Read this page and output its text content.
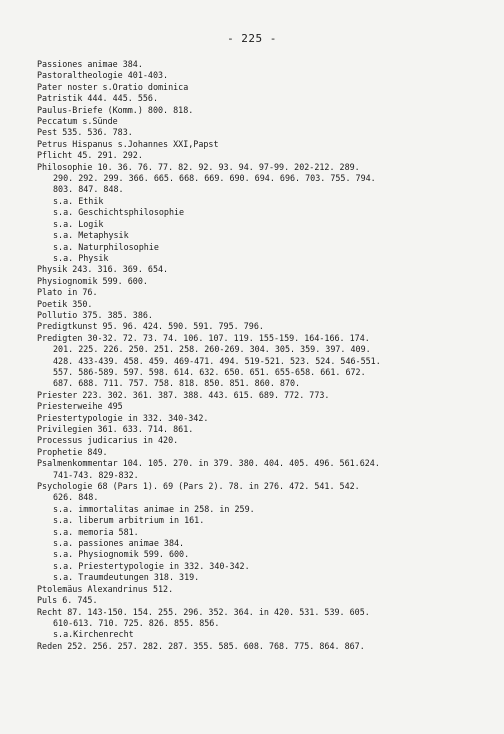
- 225 -
Passiones animae 384.
Pastoraltheologie 401-403.
Pater noster s.Oratio dominica
Patristik 444. 445. 556.
Paulus-Briefe (Komm.) 800. 818.
Peccatum s.Sünde
Pest 535. 536. 783.
Petrus Hispanus s.Johannes XXI,Papst
Pflicht 45. 291. 292.
Philosophie 10. 36. 76. 77. 82. 92. 93. 94. 97-99. 202-212. 289.
290. 292. 299. 366. 665. 668. 669. 690. 694. 696. 703. 755. 794.
803. 847. 848.
s.a. Ethik
s.a. Geschichtsphilosophie
s.a. Logik
s.a. Metaphysik
s.a. Naturphilosophie
s.a. Physik
Physik 243. 316. 369. 654.
Physiognomik 599. 600.
Plato in 76.
Poetik 350.
Pollutio 375. 385. 386.
Predigtkunst 95. 96. 424. 590. 591. 795. 796.
Predigten 30-32. 72. 73. 74. 106. 107. 119. 155-159. 164-166. 174.
201. 225. 226. 250. 251. 258. 260-269. 304. 305. 359. 397. 409.
428. 433-439. 458. 459. 469-471. 494. 519-521. 523. 524. 546-551.
557. 586-589. 597. 598. 614. 632. 650. 651. 655-658. 661. 672.
687. 688. 711. 757. 758. 818. 850. 851. 860. 870.
Priester 223. 302. 361. 387. 388. 443. 615. 689. 772. 773.
Priesterweihe 495
Priestertypologie in 332. 340-342.
Privilegien 361. 633. 714. 861.
Processus judicarius in 420.
Prophetie 849.
Psalmenkommentar 104. 105. 270. in 379. 380. 404. 405. 496. 561.624.
741-743. 829-832.
Psychologie 68 (Pars 1). 69 (Pars 2). 78. in 276. 472. 541. 542.
626. 848.
s.a. immortalitas animae in 258. in 259.
s.a. liberum arbitrium in 161.
s.a. memoria 581.
s.a. passiones animae 384.
s.a. Physiognomik 599. 600.
s.a. Priestertypologie in 332. 340-342.
s.a. Traumdeutungen 318. 319.
Ptolemäus Alexandrinus 512.
Puls 6. 745.
Recht 87. 143-150. 154. 255. 296. 352. 364. in 420. 531. 539. 605.
610-613. 710. 725. 826. 855. 856.
s.a.Kirchenrecht
Reden 252. 256. 257. 282. 287. 355. 585. 608. 768. 775. 864. 867.
